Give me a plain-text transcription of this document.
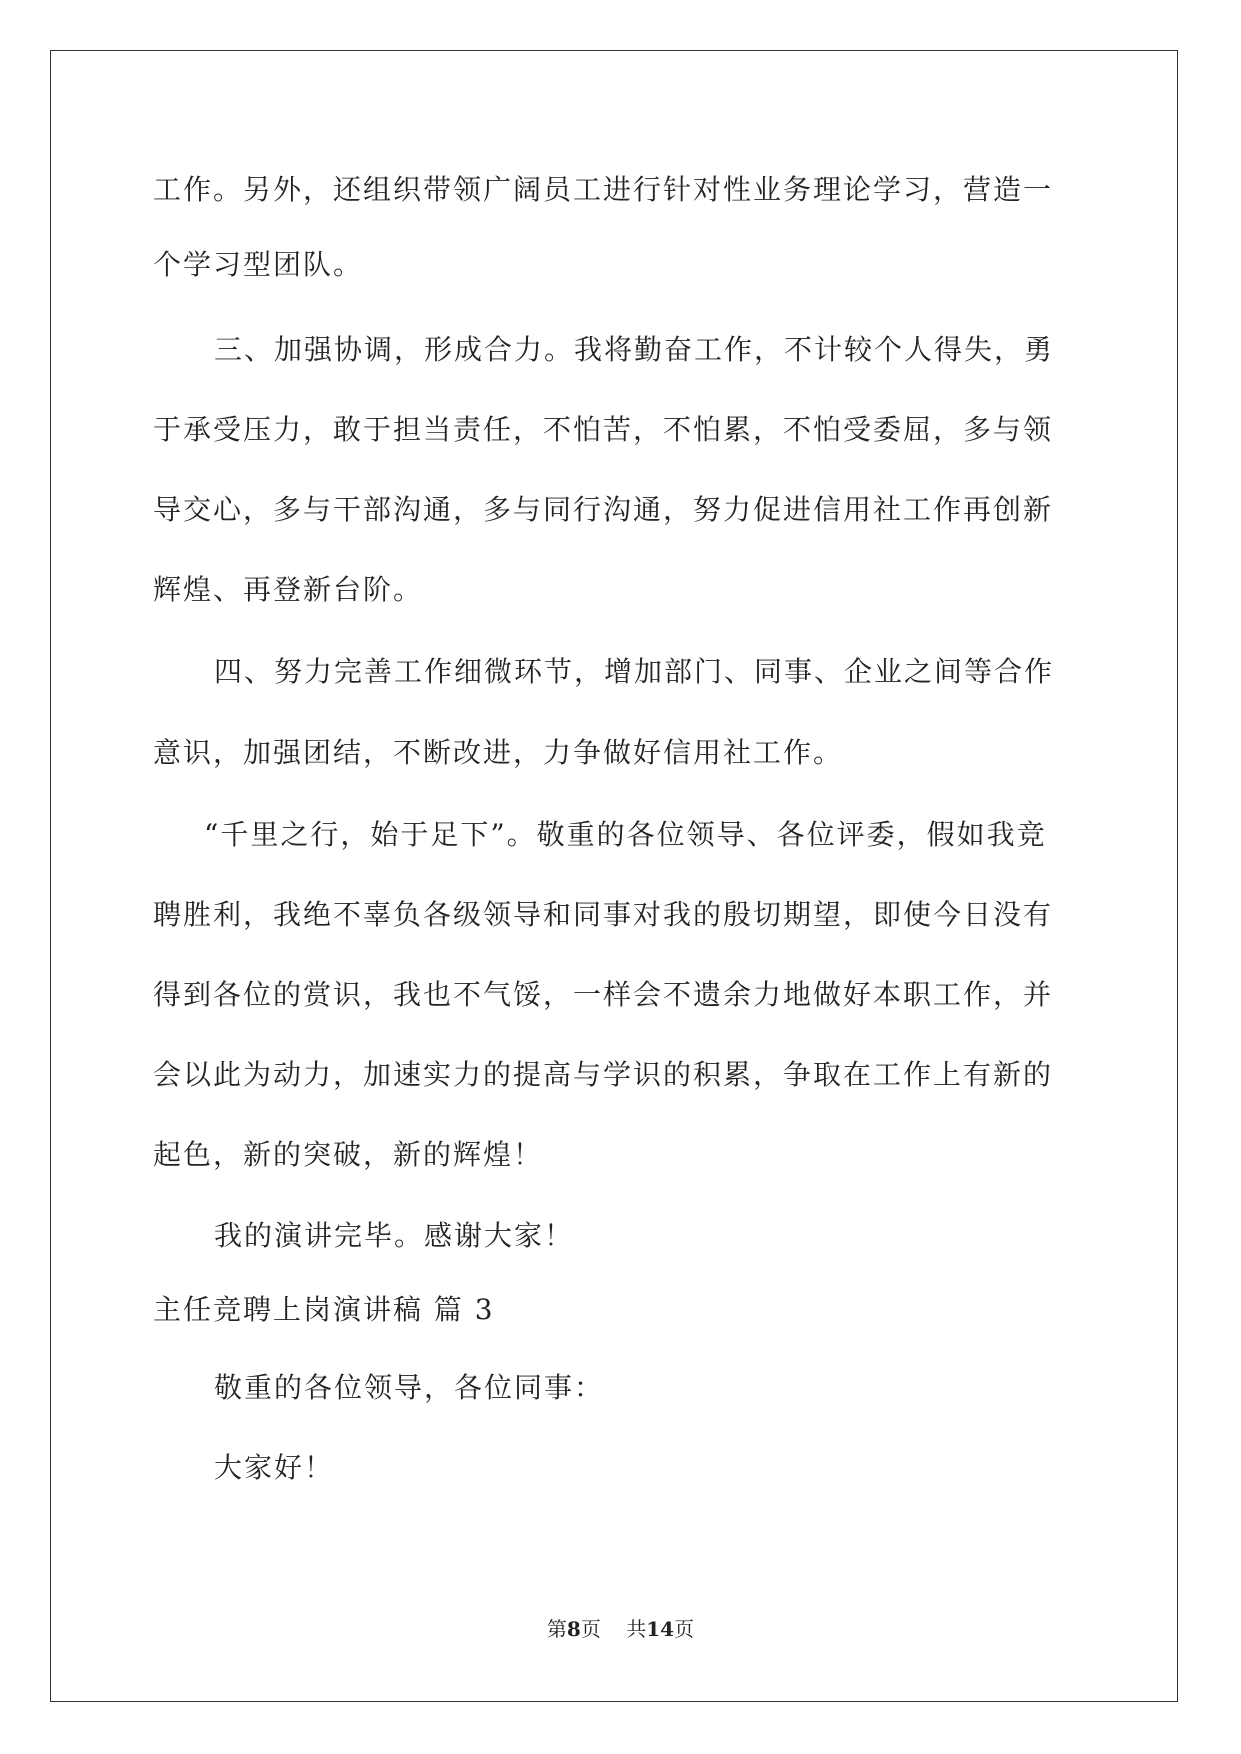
工作。另外，还组织带领广阔员工进行针对性业务理论学习，营造一
个学习型团队。
三、加强协调，形成合力。我将勤奋工作，不计较个人得失，勇
于承受压力，敢于担当责任，不怕苦，不怕累，不怕受委屈，多与领
导交心，多与干部沟通，多与同行沟通，努力促进信用社工作再创新
辉煌、再登新台阶。
四、努力完善工作细微环节，增加部门、同事、企业之间等合作
意识，加强团结，不断改进，力争做好信用社工作。
“千里之行，始于足下”。敬重的各位领导、各位评委，假如我竞
聘胜利，我绝不辜负各级领导和同事对我的殷切期望，即使今日没有
得到各位的赏识，我也不气馁，一样会不遗余力地做好本职工作，并
会以此为动力，加速实力的提高与学识的积累，争取在工作上有新的
起色，新的突破，新的辉煌！
我的演讲完毕。感谢大家！
主任竞聘上岗演讲稿 篇 3
敬重的各位领导，各位同事：
大家好！
第8页 共14页
